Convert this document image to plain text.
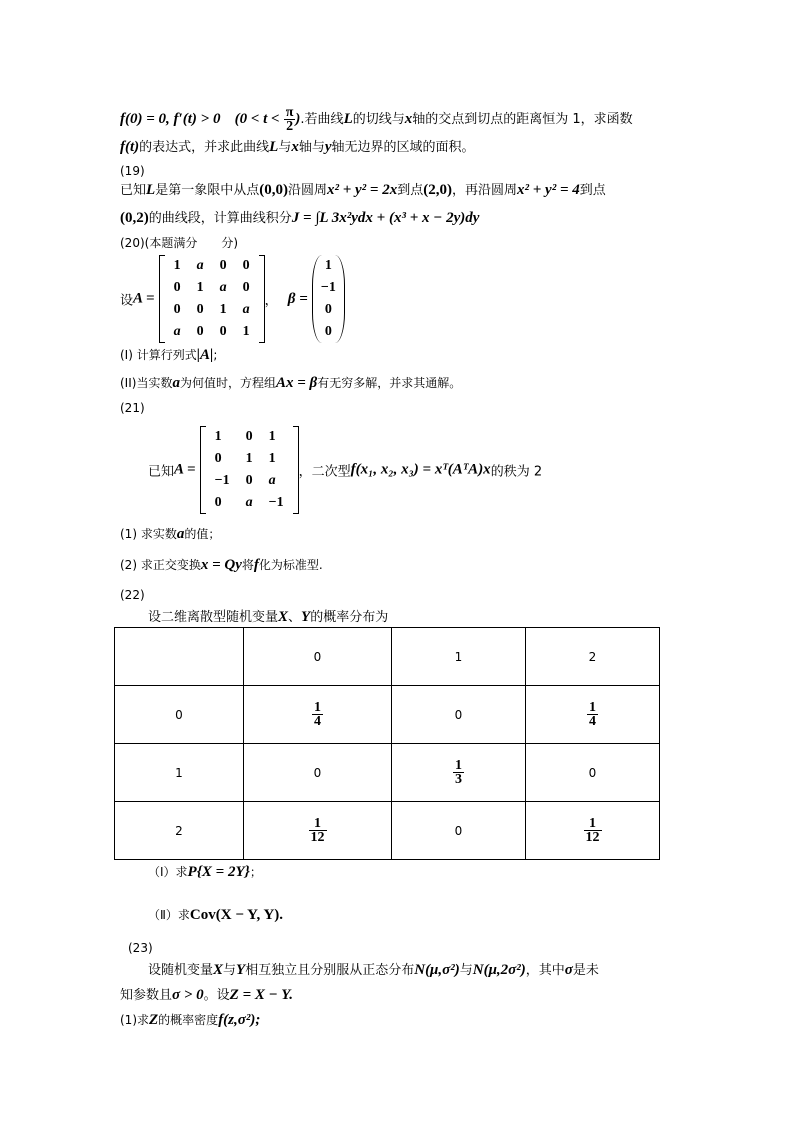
f(0) = 0, f′(t) > 0 ($0 < t < \frac{\pi}{2}$ ).若曲线L的切线与x轴的交点到切点的距离恒为 1，求函数
f(t)的表达式，并求此曲线L与x轴与y轴无边界的区域的面积。
(19)
已知L是第一象限中从点(0,0)沿圆周x² + y² = 2x到点(2,0)，再沿圆周x² + y² = 4到点
(0,2)的曲线段，计算曲线积分J = ∫L 3x²ydx + (x³ + x − 2y)dy
(20)(本题满分　　分)
设A =
1	a	0	0
0	1	a	0
0	0	1	a
a	0	0	1
， β =
1
−1
0
0
(I) 计算行列式|A|;
(II)当实数a为何值时，方程组Ax = β有无穷多解，并求其通解。
(21)
已知A =
1	0	1
0	1	1
−1	0	a
0	a	−1
，二次型f(x₁, x₂, x₃) = xᵀ(AᵀA)x的秩为 2
(1) 求实数a的值；
(2) 求正交变换x = Qy将f化为标准型.
(22)
设二维离散型随机变量X、Y的概率分布为
	0	1	2
0	$\frac{1}{4}$	0	$\frac{1}{4}$

1	0	$\frac{1}{3}$	0
2	$\frac{1}{12}$	0	$\frac{1}{12}$
（Ⅰ）求P{X = 2Y}；
（Ⅱ）求Cov(X − Y, Y).
(23)
设随机变量X与Y相互独立且分别服从正态分布N(μ,σ²)与N(μ,2σ²)，其中σ是未
知参数且σ > 0。设Z = X − Y.
(1)求Z的概率密度f(z,σ²);
